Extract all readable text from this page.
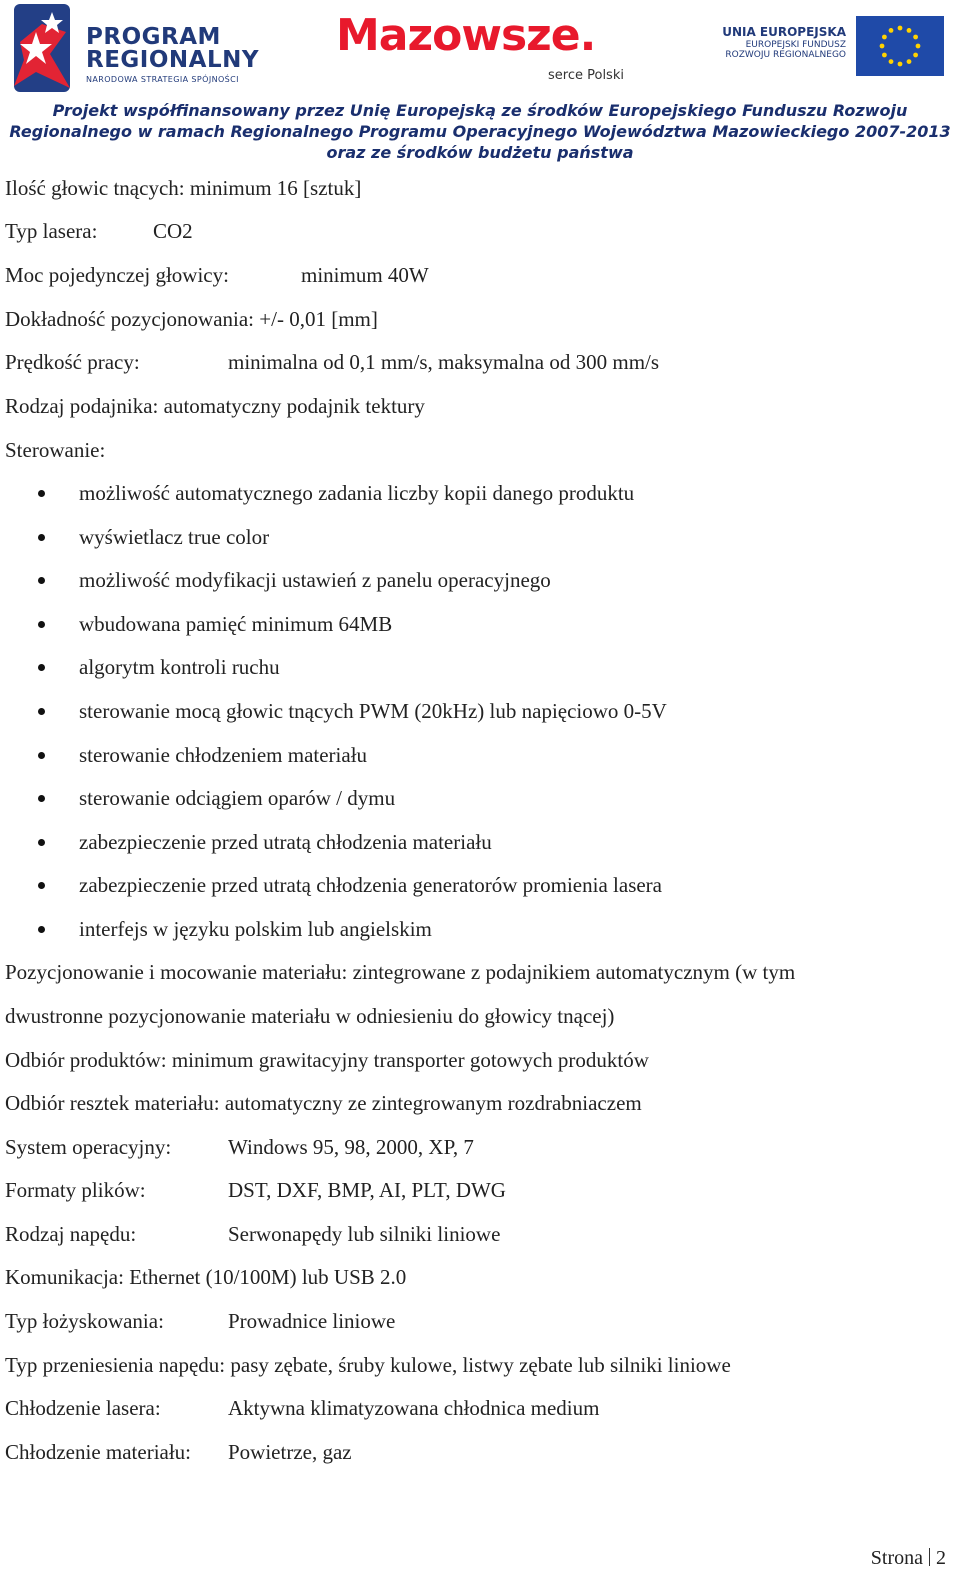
PROGRAM
REGIONALNY
NARODOWA STRATEGIA SPÓJNOŚCI
Mazowsze.
serce Polski
UNIA EUROPEJSKA
EUROPEJSKI FUNDUSZ
ROZWOJU REGIONALNEGO
Projekt współfinansowany przez Unię Europejską ze środków Europejskiego Funduszu Rozwoju
Regionalnego w ramach Regionalnego Programu Operacyjnego Województwa Mazowieckiego 2007-2013
oraz ze środków budżetu państwa
Ilość głowic tnących: minimum 16 [sztuk]
Typ lasera:	CO2
Moc pojedynczej głowicy:	minimum 40W
Dokładność pozycjonowania: +/- 0,01 [mm]
Prędkość pracy:	minimalna od 0,1 mm/s, maksymalna od 300 mm/s
Rodzaj podajnika: automatyczny podajnik tektury
Sterowanie:
możliwość automatycznego zadania liczby kopii danego produktu
wyświetlacz true color
możliwość modyfikacji ustawień z panelu operacyjnego
wbudowana pamięć minimum 64MB
algorytm kontroli ruchu
sterowanie mocą głowic tnących PWM (20kHz) lub napięciowo 0-5V
sterowanie chłodzeniem materiału
sterowanie odciągiem oparów / dymu
zabezpieczenie przed utratą chłodzenia materiału
zabezpieczenie przed utratą chłodzenia generatorów promienia lasera
interfejs w języku polskim lub angielskim
Pozycjonowanie i mocowanie materiału: zintegrowane z podajnikiem automatycznym (w tym
dwustronne pozycjonowanie materiału w odniesieniu do głowicy tnącej)
Odbiór produktów: minimum grawitacyjny transporter gotowych produktów
Odbiór resztek materiału: automatyczny ze zintegrowanym rozdrabniaczem
System operacyjny:	Windows 95, 98, 2000, XP, 7
Formaty plików:	DST, DXF, BMP, AI, PLT, DWG
Rodzaj napędu:	Serwonapędy lub silniki liniowe
Komunikacja: Ethernet (10/100M) lub USB 2.0
Typ łożyskowania:	Prowadnice liniowe
Typ przeniesienia napędu: pasy zębate, śruby kulowe, listwy zębate lub silniki liniowe
Chłodzenie lasera:	Aktywna klimatyzowana chłodnica medium
Chłodzenie materiału: Powietrze, gaz
Strona 2
